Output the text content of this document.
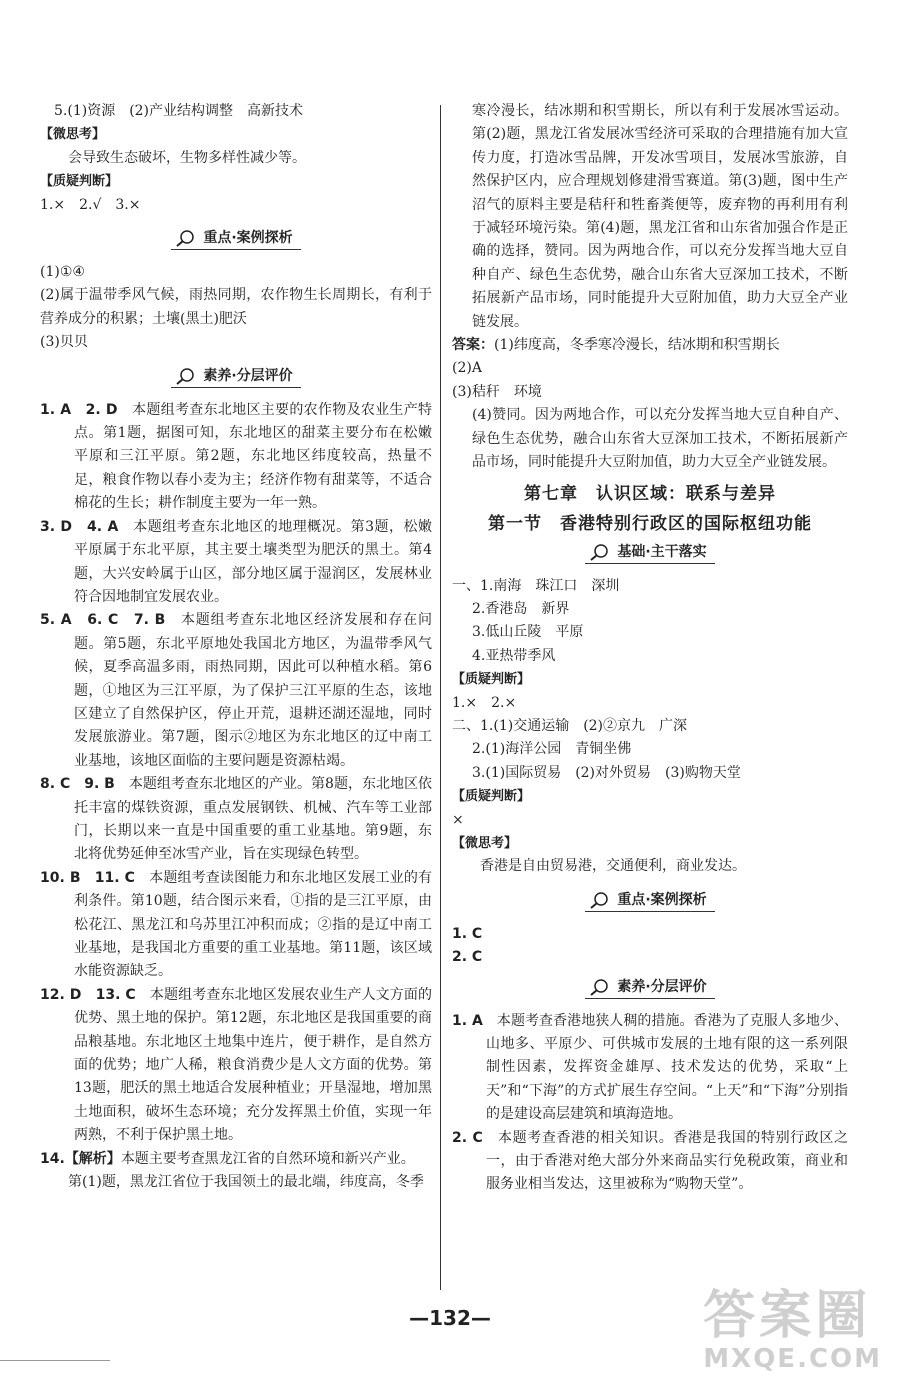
5.(1)资源　(2)产业结构调整　高新技术
【微思考】
会导致生态破坏，生物多样性减少等。
【质疑判断】
1.×　2.√　3.×
重点·案例探析
(1)①④
(2)属于温带季风气候，雨热同期，农作物生长周期长，有利于营养成分的积累；土壤(黑土)肥沃
(3)贝贝
素养·分层评价
1. A　2. D　 本题组考查东北地区主要的农作物及农业生产特点。第1题，据图可知，东北地区的甜菜主要分布在松嫩平原和三江平原。第2题，东北地区纬度较高，热量不足，粮食作物以春小麦为主；经济作物有甜菜等，不适合棉花的生长；耕作制度主要为一年一熟。
3. D　4. A　 本题组考查东北地区的地理概况。第3题，松嫩平原属于东北平原，其主要土壤类型为肥沃的黑土。第4题，大兴安岭属于山区，部分地区属于湿润区，发展林业符合因地制宜发展农业。
5. A　6. C　7. B　 本题组考查东北地区经济发展和存在问题。第5题，东北平原地处我国北方地区，为温带季风气候，夏季高温多雨，雨热同期，因此可以种植水稻。第6题，①地区为三江平原，为了保护三江平原的生态，该地区建立了自然保护区，停止开荒，退耕还湖还湿地，同时发展旅游业。第7题，图示②地区为东北地区的辽中南工业基地，该地区面临的主要问题是资源枯竭。
8. C　9. B　 本题组考查东北地区的产业。第8题，东北地区依托丰富的煤铁资源，重点发展钢铁、机械、汽车等工业部门，长期以来一直是中国重要的重工业基地。第9题，东北将优势延伸至冰雪产业，旨在实现绿色转型。
10. B　11. C　 本题组考查读图能力和东北地区发展工业的有利条件。第10题，结合图示来看，①指的是三江平原，由松花江、黑龙江和乌苏里江冲积而成；②指的是辽中南工业基地，是我国北方重要的重工业基地。第11题，该区域水能资源缺乏。
12. D　13. C　 本题组考查东北地区发展农业生产人文方面的优势、黑土地的保护。第12题，东北地区是我国重要的商品粮基地。东北地区土地集中连片，便于耕作，是自然方面的优势；地广人稀，粮食消费少是人文方面的优势。第13题，肥沃的黑土地适合发展种植业；开垦湿地，增加黑土地面积，破坏生态环境；充分发挥黑土价值，实现一年两熟，不利于保护黑土地。
14.【解析】本题主要考查黑龙江省的自然环境和新兴产业。
第(1)题，黑龙江省位于我国领土的最北端，纬度高，冬季
寒冷漫长，结冰期和积雪期长，所以有利于发展冰雪运动。第(2)题，黑龙江省发展冰雪经济可采取的合理措施有加大宣传力度，打造冰雪品牌，开发冰雪项目，发展冰雪旅游，自然保护区内，应合理规划修建滑雪赛道。第(3)题，图中生产沼气的原料主要是秸秆和牲畜粪便等，废弃物的再利用有利于减轻环境污染。第(4)题，黑龙江省和山东省加强合作是正确的选择，赞同。因为两地合作，可以充分发挥当地大豆自种自产、绿色生态优势，融合山东省大豆深加工技术，不断拓展新产品市场，同时能提升大豆附加值，助力大豆全产业链发展。
答案：(1)纬度高，冬季寒冷漫长，结冰期和积雪期长
(2)A
(3)秸秆　环境
(4)赞同。因为两地合作，可以充分发挥当地大豆自种自产、绿色生态优势，融合山东省大豆深加工技术，不断拓展新产品市场，同时能提升大豆附加值，助力大豆全产业链发展。
第七章　认识区域：联系与差异
第一节　香港特别行政区的国际枢纽功能
基础·主干落实
一、1.南海　珠江口　深圳
2.香港岛　新界
3.低山丘陵　平原
4.亚热带季风
【质疑判断】
1.×　2.×
二、1.(1)交通运输　(2)②京九　广深
2.(1)海洋公园　青铜坐佛
3.(1)国际贸易　(2)对外贸易　(3)购物天堂
【质疑判断】
×
【微思考】
香港是自由贸易港，交通便利，商业发达。
重点·案例探析
1. C
2. C
素养·分层评价
1. A　 本题考查香港地狭人稠的措施。香港为了克服人多地少、山地多、平原少、可供城市发展的土地有限的这一系列限制性因素，发挥资金雄厚、技术发达的优势，采取“上天”和“下海”的方式扩展生存空间。“上天”和“下海”分别指的是建设高层建筑和填海造地。
2. C　 本题考查香港的相关知识。香港是我国的特别行政区之一，由于香港对绝大部分外来商品实行免税政策，商业和服务业相当发达，这里被称为“购物天堂”。
—132—	答案圈
MXQE.COM
